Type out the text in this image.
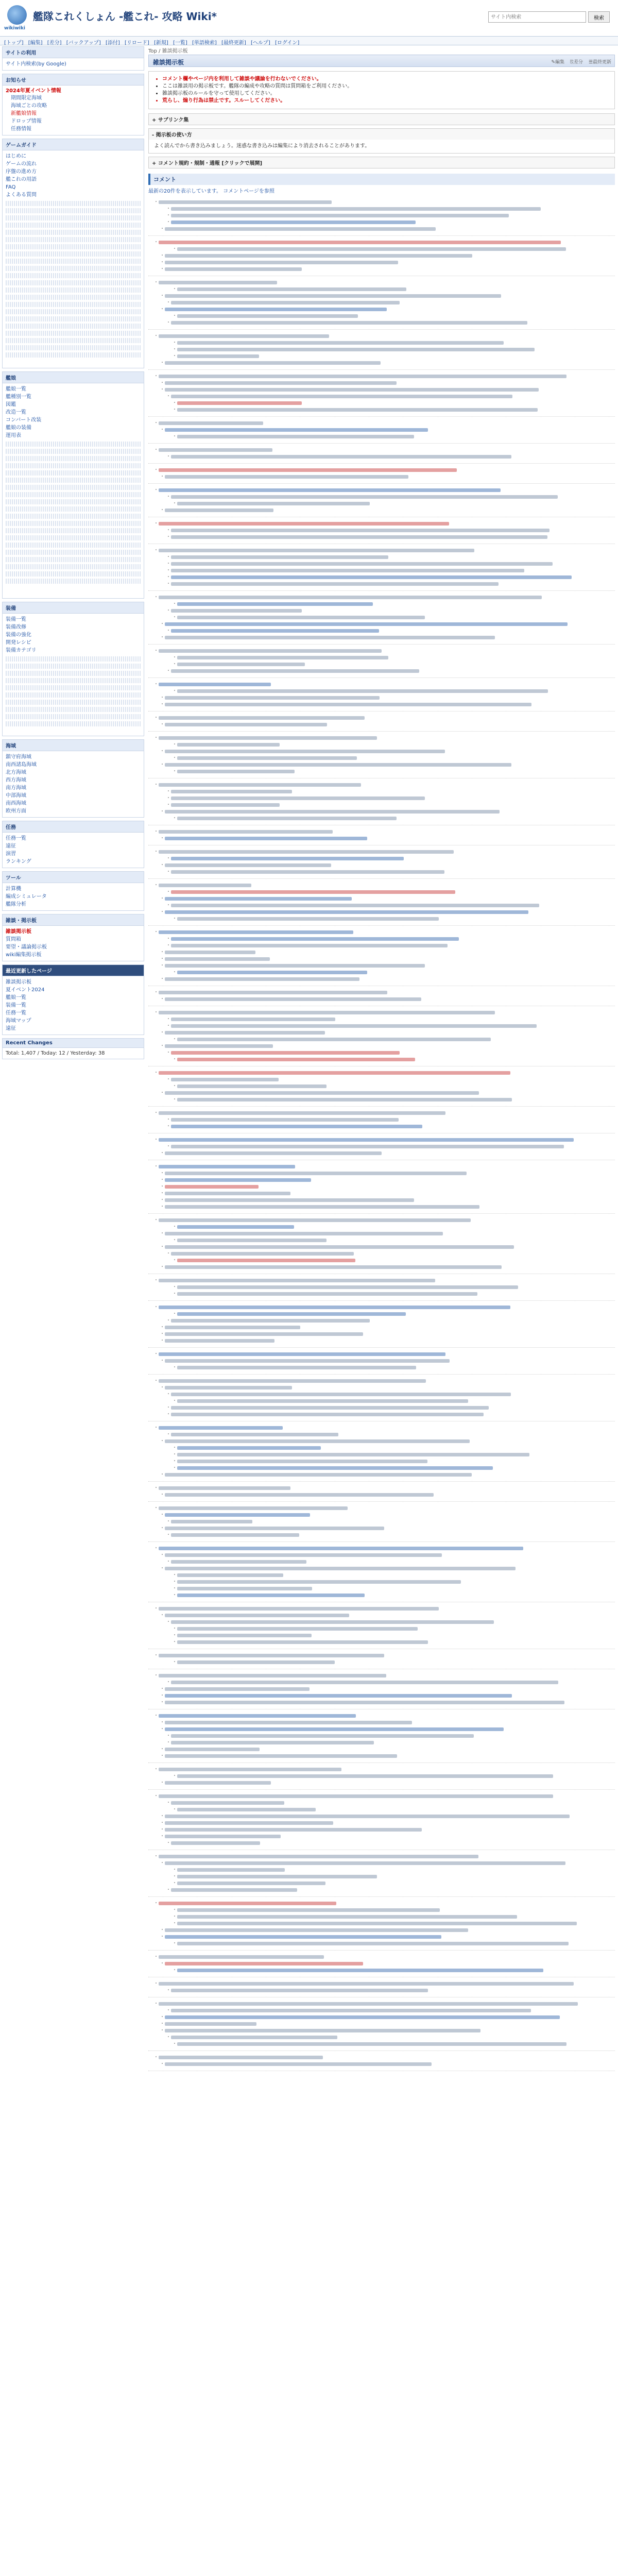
wikiwiki
艦隊これくしょん -艦これ- 攻略 Wiki*
サイト内検索	検索
[トップ] [編集] [差分] [バックアップ] [添付] [リロード] [新規] [一覧] [単語検索] [最終更新] [ヘルプ] [ログイン]
サイトの利用
サイト内検索(by Google)
お知らせ
2024年夏イベント情報
期間限定海域
海域ごとの攻略
新艦娘情報
ドロップ情報
任務情報
ゲームガイド
はじめに
ゲームの流れ
序盤の進め方
艦これの用語
FAQ
よくある質問
艦娘
艦娘一覧
艦種別一覧
図鑑
改造一覧
コンバート改装
艦娘の装備
運用表
装備
装備一覧
装備改修
装備の強化
開発レシピ
装備カテゴリ
海域
鎮守府海域
南西諸島海域
北方海域
西方海域
南方海域
中部海域
南西海域
欧州方面
任務
任務一覧
遠征
演習
ランキング
ツール
計算機
編成シミュレータ
艦隊分析
雑談・掲示板
雑談掲示板
質問箱
要望・議論掲示板
wiki編集掲示板
最近更新したページ
雑談掲示板
夏イベント2024
艦娘一覧
装備一覧
任務一覧
海域マップ
遠征
Recent Changes
Total: 1,407 / Today: 12 / Yesterday: 38
Top / 雑談掲示板
雑談掲示板	✎編集 ⎘差分 ☰最終更新
• コメント欄やページ内を利用して雑談や議論を行わないでください。
• ここは雑談用の掲示板です。艦隊の編成や攻略の質問は質問箱をご利用ください。
• 雑談掲示板のルールを守って使用してください。
• 荒らし、煽り行為は禁止です。スルーしてください。
+ サブリンク集
- 掲示板の使い方
よく読んでから書き込みましょう。迷惑な書き込みは編集により消去されることがあります。
+ コメント規約・規制・通報 [クリックで展開]
コメント
最新の20件を表示しています。 コメントページを参照
・
・
・
・
・
・
・
・
・
・
・
・
・
・
・
・
・
・
・
・
・
・
・
・
・
・
・
・
・
・
・
・
・
・
・
・
・
・
・
・
・
・
・
・
・
・
・
・
・
・
・
・
・
・
・
・
・
・
・
・
・
・
・
・
・
・
・
・
・
・
・
・
・
・
・
・
・
・
・
・
・
・
・
・
・
・
・
・
・
・
・
・
・
・
・
・
・
・
・
・
・
・
・
・
・
・
・
・
・
・
・
・
・
・
・
・
・
・
・
・
・
・
・
・
・
・
・
・
・
・
・
・
・
・
・
・
・
・
・
・
・
・
・
・
・
・
・
・
・
・
・
・
・
・
・
・
・
・
・
・
・
・
・
・
・
・
・
・
・
・
・
・
・
・
・
・
・
・
・
・
・
・
・
・
・
・
・
・
・
・
・
・
・
・
・
・
・
・
・
・
・
・
・
・
・
・
・
・
・
・
・
・
・
・
・
・
・
・
・
・
・
・
・
・
・
・
・
・
・
・
・
・
